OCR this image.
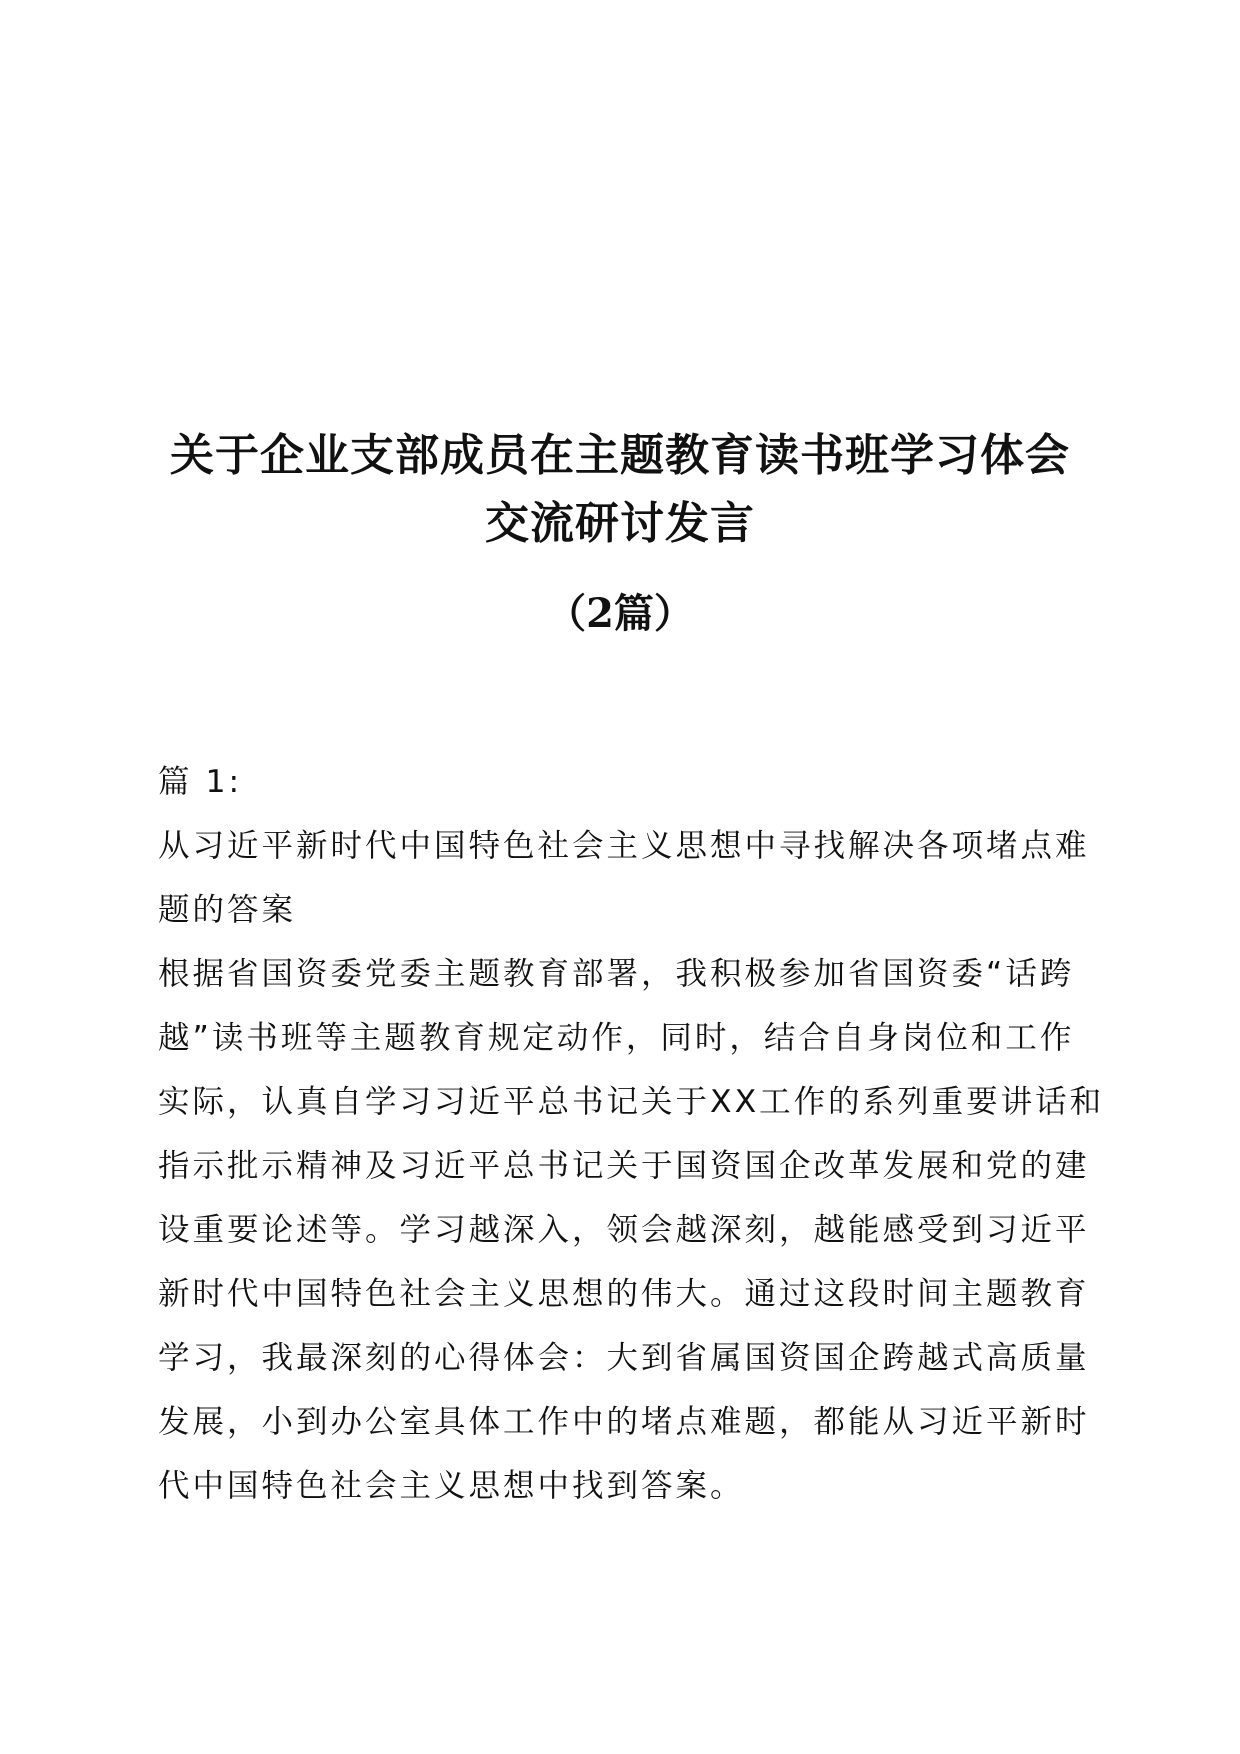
关于企业支部成员在主题教育读书班学习体会
交流研讨发言
（2篇）
篇 1:
从习近平新时代中国特色社会主义思想中寻找解决各项堵点难
题的答案
根据省国资委党委主题教育部署，我积极参加省国资委“话跨
越”读书班等主题教育规定动作，同时，结合自身岗位和工作
实际，认真自学习习近平总书记关于XX工作的系列重要讲话和
指示批示精神及习近平总书记关于国资国企改革发展和党的建
设重要论述等。学习越深入，领会越深刻，越能感受到习近平
新时代中国特色社会主义思想的伟大。通过这段时间主题教育
学习，我最深刻的心得体会：大到省属国资国企跨越式高质量
发展，小到办公室具体工作中的堵点难题，都能从习近平新时
代中国特色社会主义思想中找到答案。
